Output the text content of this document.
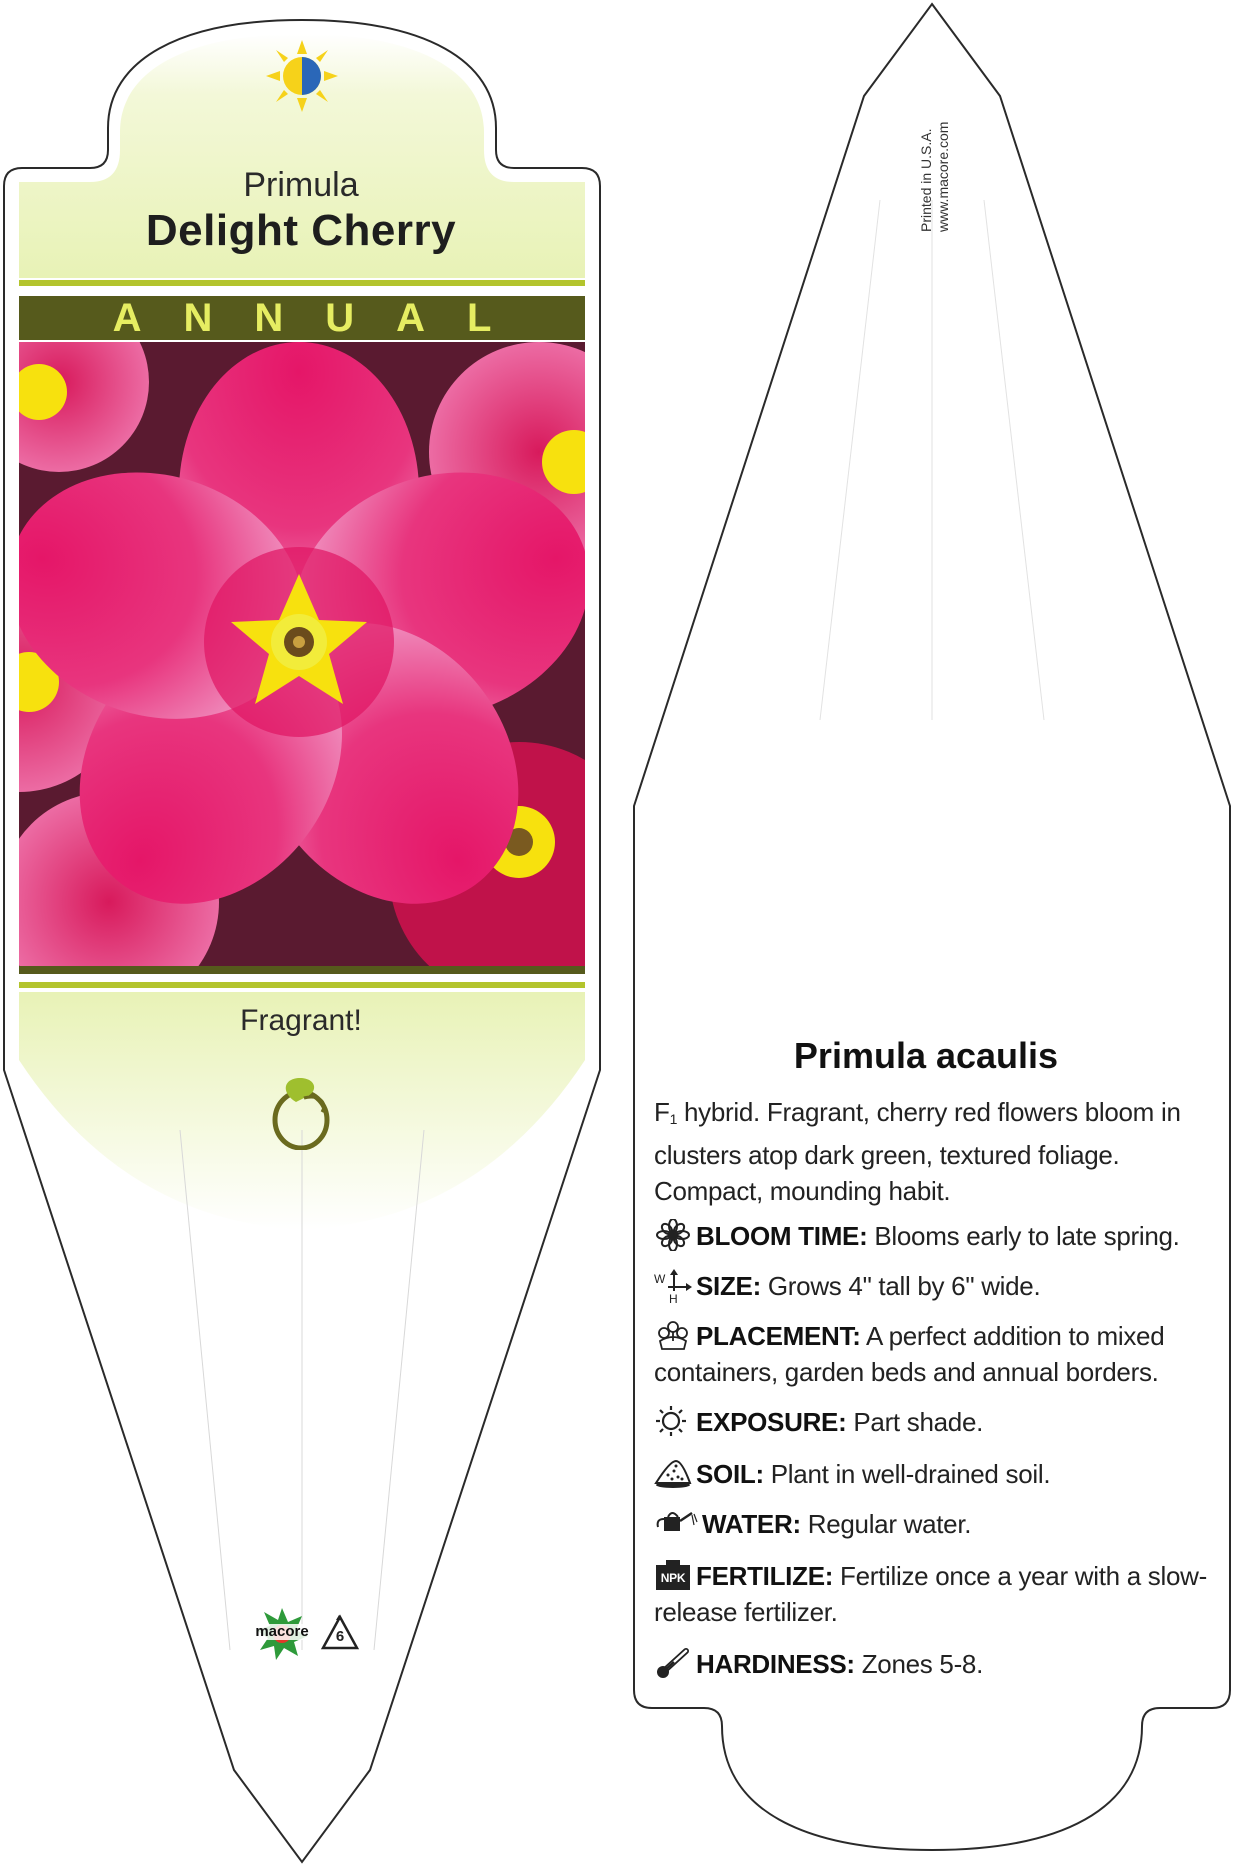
Primula
Delight Cherry
ANNUAL
Fragrant!
macore	6
Printed in U.S.A. www.macore.com
Primula acaulis
F1 hybrid. Fragrant, cherry red flowers bloom in clusters atop dark green, textured foliage. Compact, mounding habit.
BLOOM TIME: Blooms early to late spring.
W
H SIZE: Grows 4" tall by 6" wide.
PLACEMENT: A perfect addition to mixed containers, garden beds and annual borders.
EXPOSURE: Part shade.
SOIL: Plant in well-drained soil.
WATER: Regular water.
NPK FERTILIZE: Fertilize once a year with a slow-release fertilizer.
HARDINESS: Zones 5-8.
